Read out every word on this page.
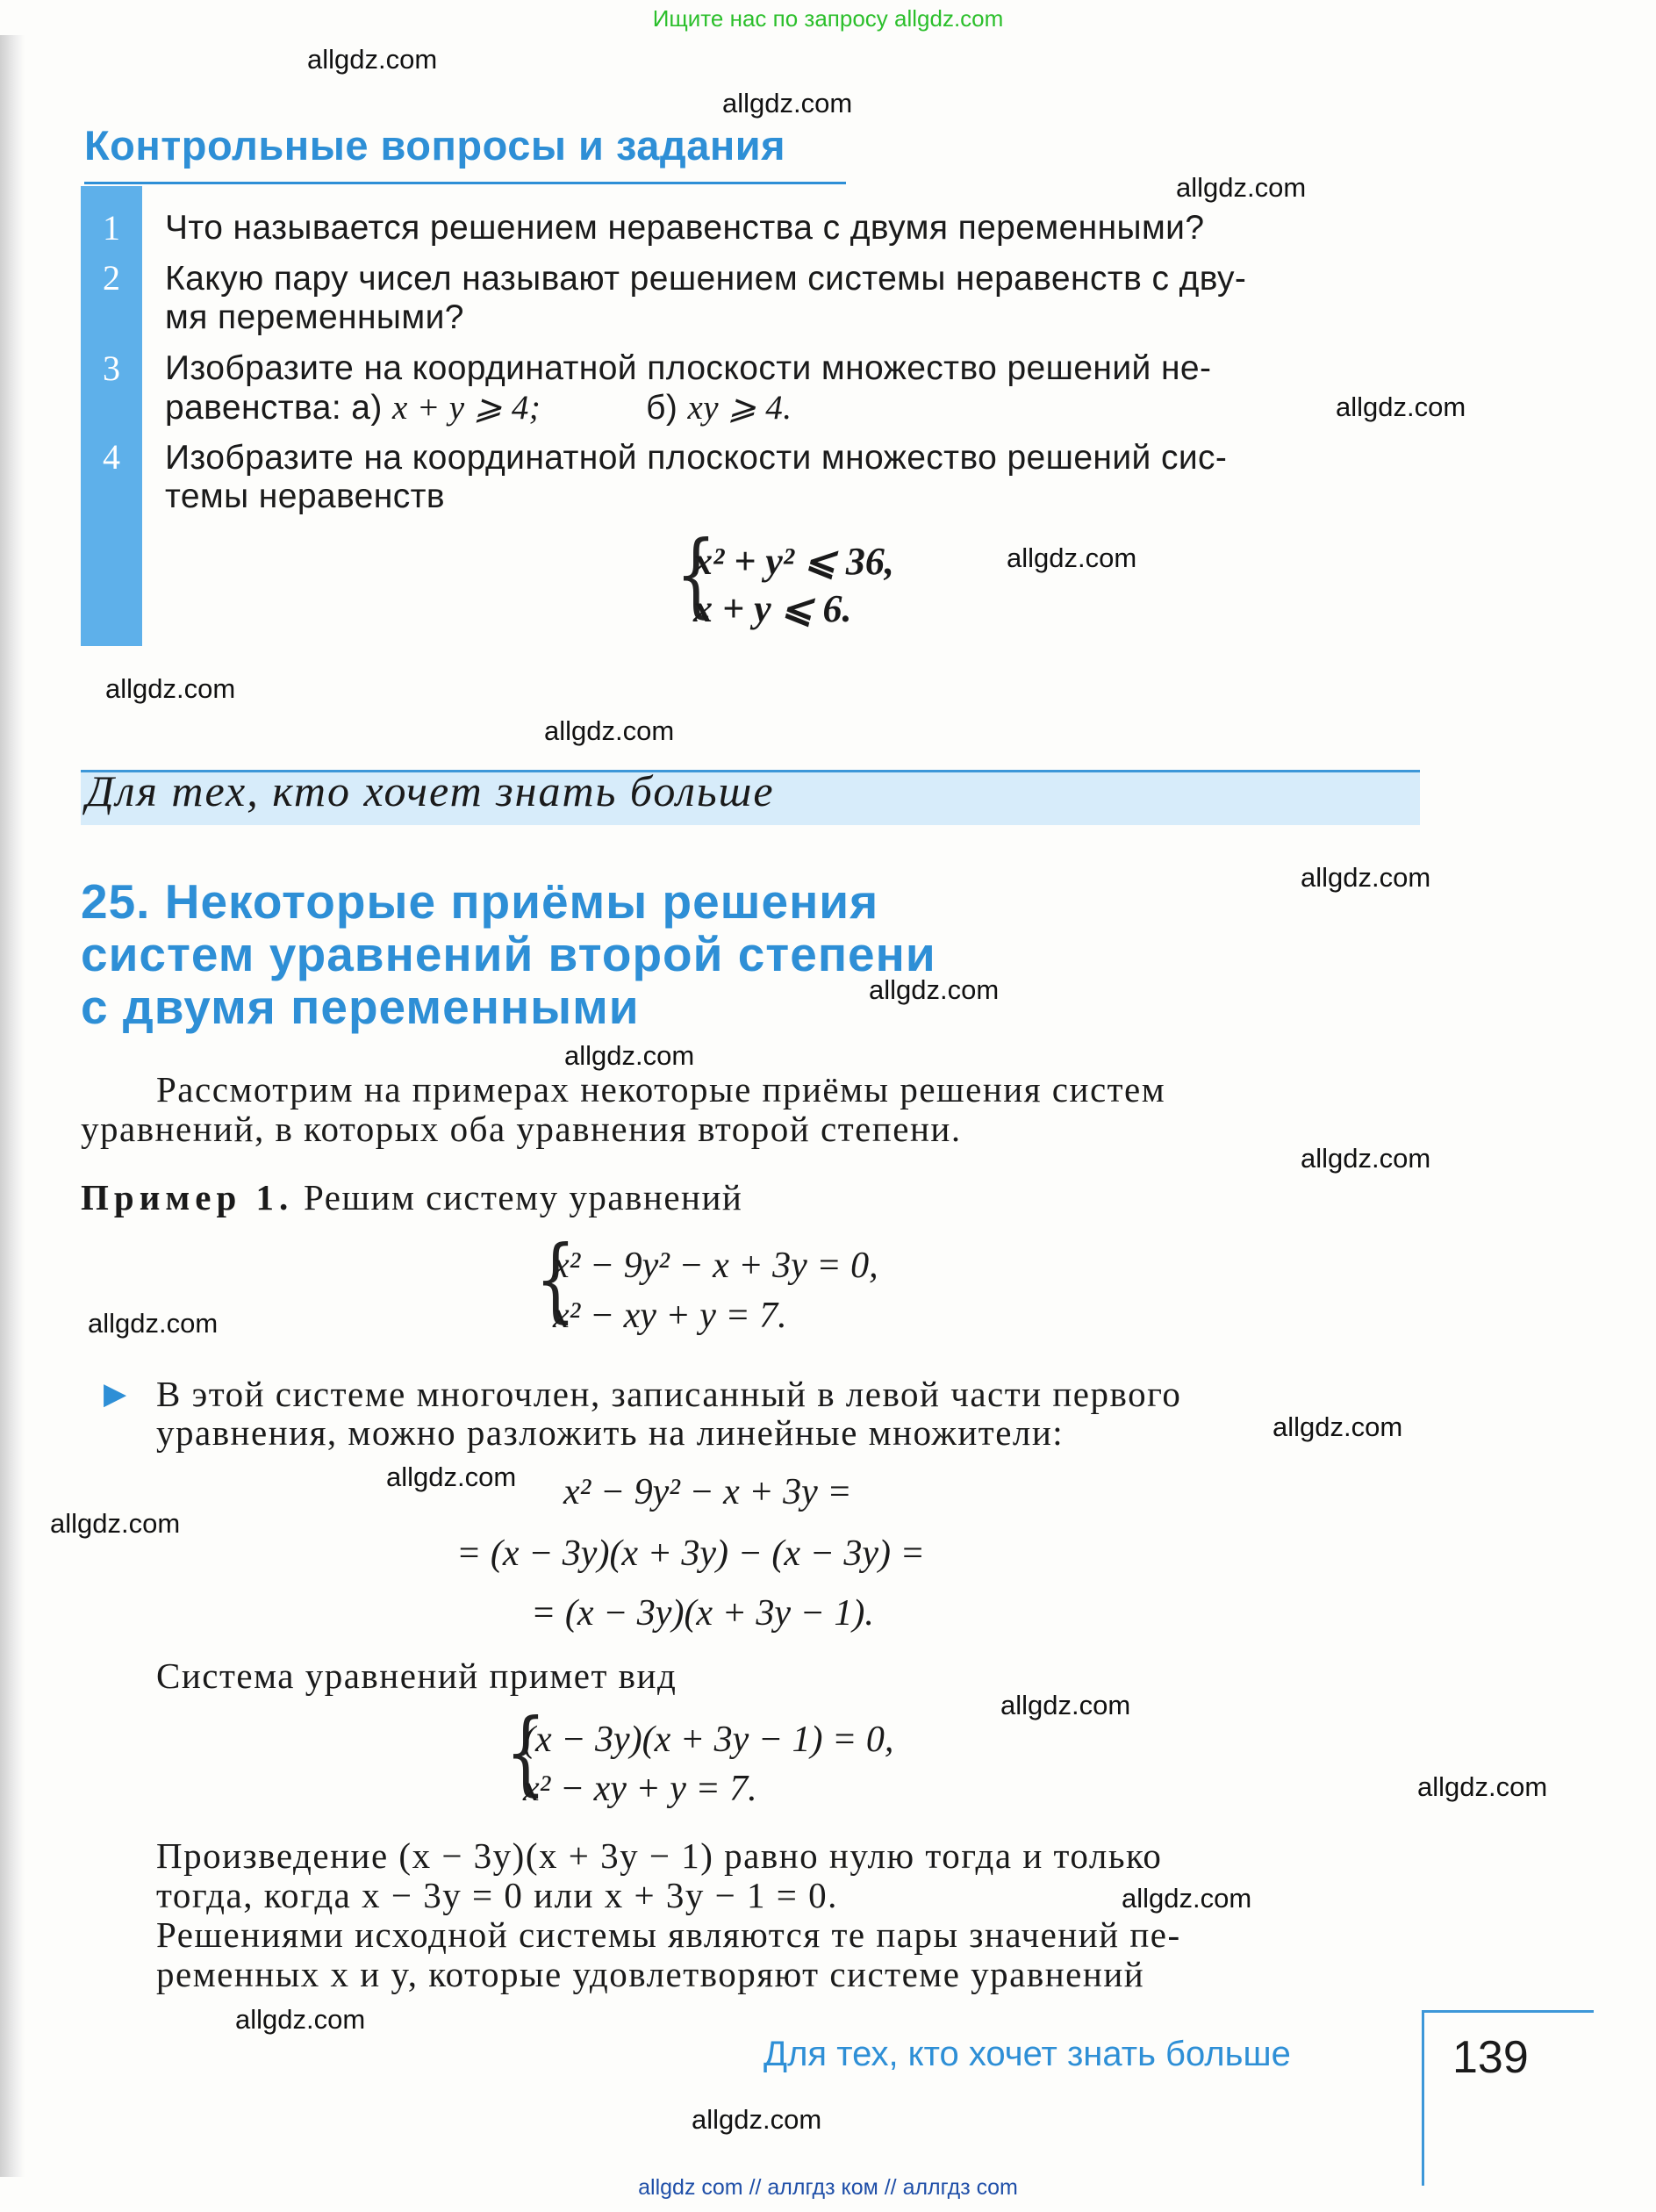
Ищите нас по запросу allgdz.com
allgdz.com
allgdz.com
allgdz.com
allgdz.com
allgdz.com
allgdz.com
allgdz.com
allgdz.com
allgdz.com
allgdz.com
allgdz.com
allgdz.com
allgdz.com
allgdz.com
allgdz.com
allgdz.com
allgdz.com
allgdz.com
allgdz.com
allgdz.com
Контрольные вопросы и задания
1	Что называется решением неравенства с двумя переменными?
2	Какую пару чисел называют решением системы неравенств с дву-
мя переменными?
3	Изобразите на координатной плоскости множество решений не-
равенства: а) x + y ⩾ 4;	б) xy ⩾ 4.
4	Изобразите на координатной плоскости множество решений сис-
темы неравенств
{
x² + y² ⩽ 36,
x + y ⩽ 6.
Для тех, кто хочет знать больше
25. Некоторые приёмы решения
систем уравнений второй степени
с двумя переменными
Рассмотрим на примерах некоторые приёмы решения систем
уравнений, в которых оба уравнения второй степени.
Пример 1. Решим систему уравнений
{
x² − 9y² − x + 3y = 0,
x² − xy + y = 7.
▶ В этой системе многочлен, записанный в левой части первого
уравнения, можно разложить на линейные множители:
x² − 9y² − x + 3y =
= (x − 3y)(x + 3y) − (x − 3y) =
= (x − 3y)(x + 3y − 1).
Система уравнений примет вид
{
(x − 3y)(x + 3y − 1) = 0,
x² − xy + y = 7.
Произведение (x − 3y)(x + 3y − 1) равно нулю тогда и только
тогда, когда x − 3y = 0 или x + 3y − 1 = 0.
Решениями исходной системы являются те пары значений пе-
ременных x и y, которые удовлетворяют системе уравнений
Для тех, кто хочет знать больше	139
allgdz com // аллгдз ком // аллгдз com
